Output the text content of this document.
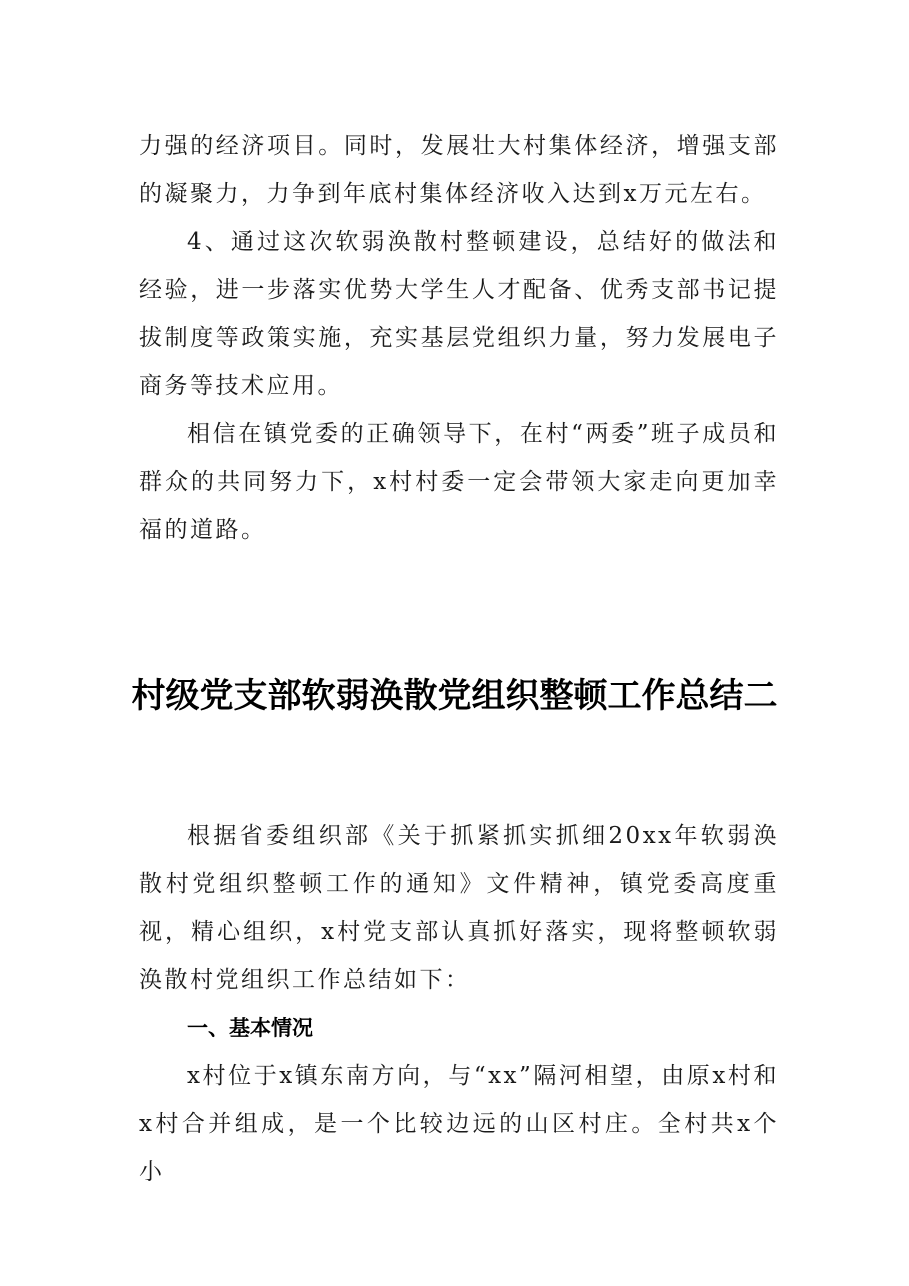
力强的经济项目。同时，发展壮大村集体经济，增强支部的凝聚力，力争到年底村集体经济收入达到x万元左右。

4、通过这次软弱涣散村整顿建设，总结好的做法和经验，进一步落实优势大学生人才配备、优秀支部书记提拔制度等政策实施，充实基层党组织力量，努力发展电子商务等技术应用。

相信在镇党委的正确领导下，在村“两委”班子成员和群众的共同努力下，x村村委一定会带领大家走向更加幸福的道路。

村级党支部软弱涣散党组织整顿工作总结二

根据省委组织部《关于抓紧抓实抓细20xx年软弱涣散村党组织整顿工作的通知》文件精神，镇党委高度重视，精心组织，x村党支部认真抓好落实，现将整顿软弱涣散村党组织工作总结如下：

一、基本情况

x村位于x镇东南方向，与“xx”隔河相望，由原x村和x村合并组成，是一个比较边远的山区村庄。全村共x个小
